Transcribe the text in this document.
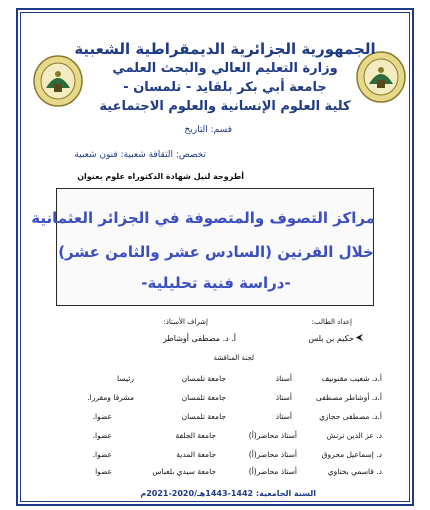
الجمهورية الجزائرية الديمقراطية الشعبية
وزارة التعليم العالي والبحث العلمي
جامعة أبي بكر بلقايد - تلمسان -
كلية العلوم الإنسانية والعلوم الاجتماعية
قسم: التاريخ
تخصص: الثقافة شعبية: فنون شعبية
أطروحة لنيل شهادة الدكتوراه علوم بعنوان
مراكز التصوف والمتصوفة في الجزائر العثمانية
خلال القرنين (السادس عشر والثامن عشر)
-دراسة فنية تحليلية-
إعداد الطالب:
إشراف الأستاذ:
حكيم بن يلس
أ. د. مصطفى أوشاطر
لجنة المناقشة
أ.د. شعيب مقنونيف
أستاذ
جامعة تلمسان
رئيسا
أ.د. أوشاطر مصطفى
أستاذ
جامعة تلمسان
مشرفا ومقررا.
أ.د. مصطفى حجازي
أستاذ
جامعة تلمسان
عضوا.
د. عز الدين ترنش
أستاذ محاضر(أ)
جامعة الجلفة
عضوا.
د. إسماعيل محروق
أستاذ محاضر(أ)
جامعة المدية
عضوا.
د. قاسمي بختاوي
أستاذ محاضر(أ)
جامعة سيدي بلعباس
عضوا
السنة الجامعية: 1442-1443هـ/2020-2021م
